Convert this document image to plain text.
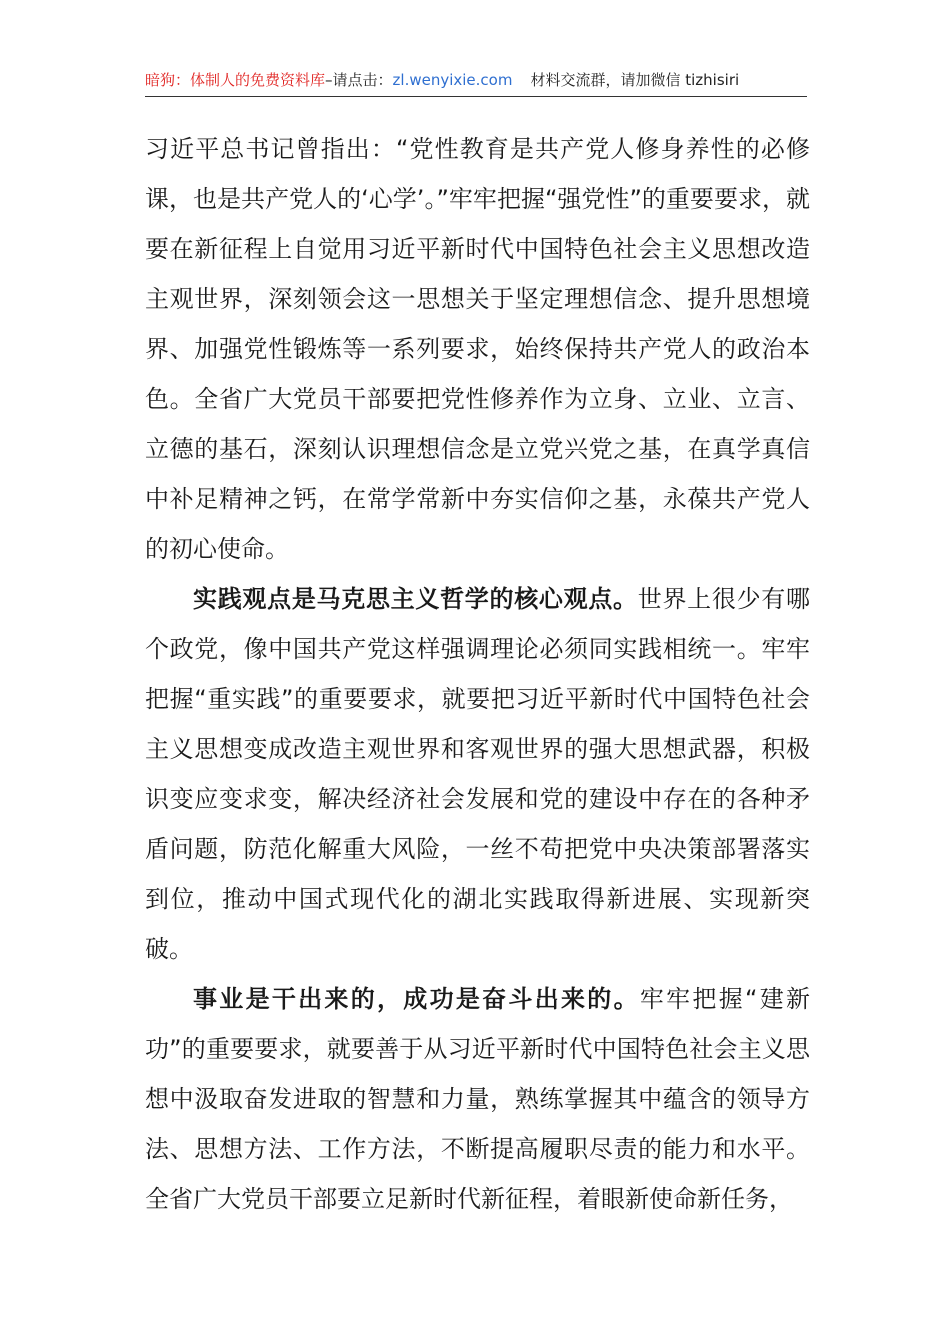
暗狗：体制人的免费资料库–请点击：zl.wenyixie.com 材料交流群，请加微信 tizhisiri

习近平总书记曾指出：“党性教育是共产党人修身养性的必修课，也是共产党人的‘心学’。”牢牢把握“强党性”的重要要求，就要在新征程上自觉用习近平新时代中国特色社会主义思想改造主观世界，深刻领会这一思想关于坚定理想信念、提升思想境界、加强党性锻炼等一系列要求，始终保持共产党人的政治本色。全省广大党员干部要把党性修养作为立身、立业、立言、立德的基石，深刻认识理想信念是立党兴党之基，在真学真信中补足精神之钙，在常学常新中夯实信仰之基，永葆共产党人的初心使命。

实践观点是马克思主义哲学的核心观点。世界上很少有哪个政党，像中国共产党这样强调理论必须同实践相统一。牢牢把握“重实践”的重要要求，就要把习近平新时代中国特色社会主义思想变成改造主观世界和客观世界的强大思想武器，积极识变应变求变，解决经济社会发展和党的建设中存在的各种矛盾问题，防范化解重大风险，一丝不苟把党中央决策部署落实到位，推动中国式现代化的湖北实践取得新进展、实现新突破。

事业是干出来的，成功是奋斗出来的。牢牢把握“建新功”的重要要求，就要善于从习近平新时代中国特色社会主义思想中汲取奋发进取的智慧和力量，熟练掌握其中蕴含的领导方法、思想方法、工作方法，不断提高履职尽责的能力和水平。全省广大党员干部要立足新时代新征程，着眼新使命新任务，
